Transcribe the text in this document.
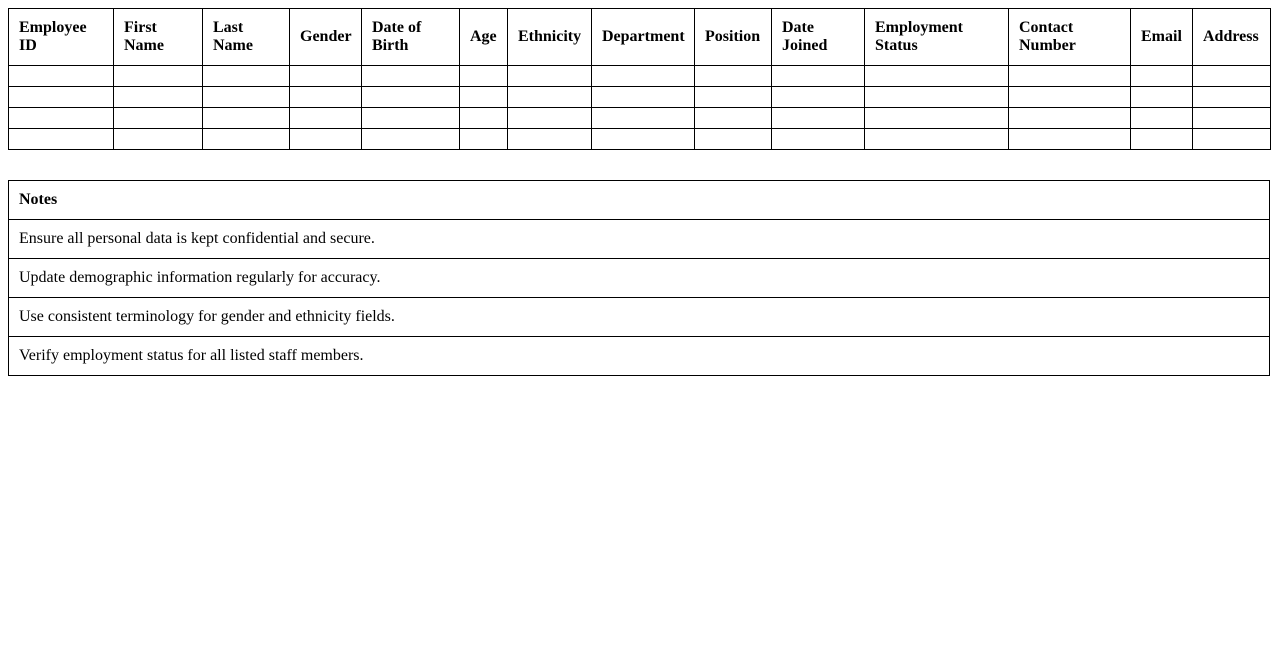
Employee ID	First Name	Last Name	Gender	Date of Birth	Age	Ethnicity	Department	Position	Date Joined	Employment Status	Contact Number	Email	Address

Notes
Ensure all personal data is kept confidential and secure.
Update demographic information regularly for accuracy.
Use consistent terminology for gender and ethnicity fields.
Verify employment status for all listed staff members.
